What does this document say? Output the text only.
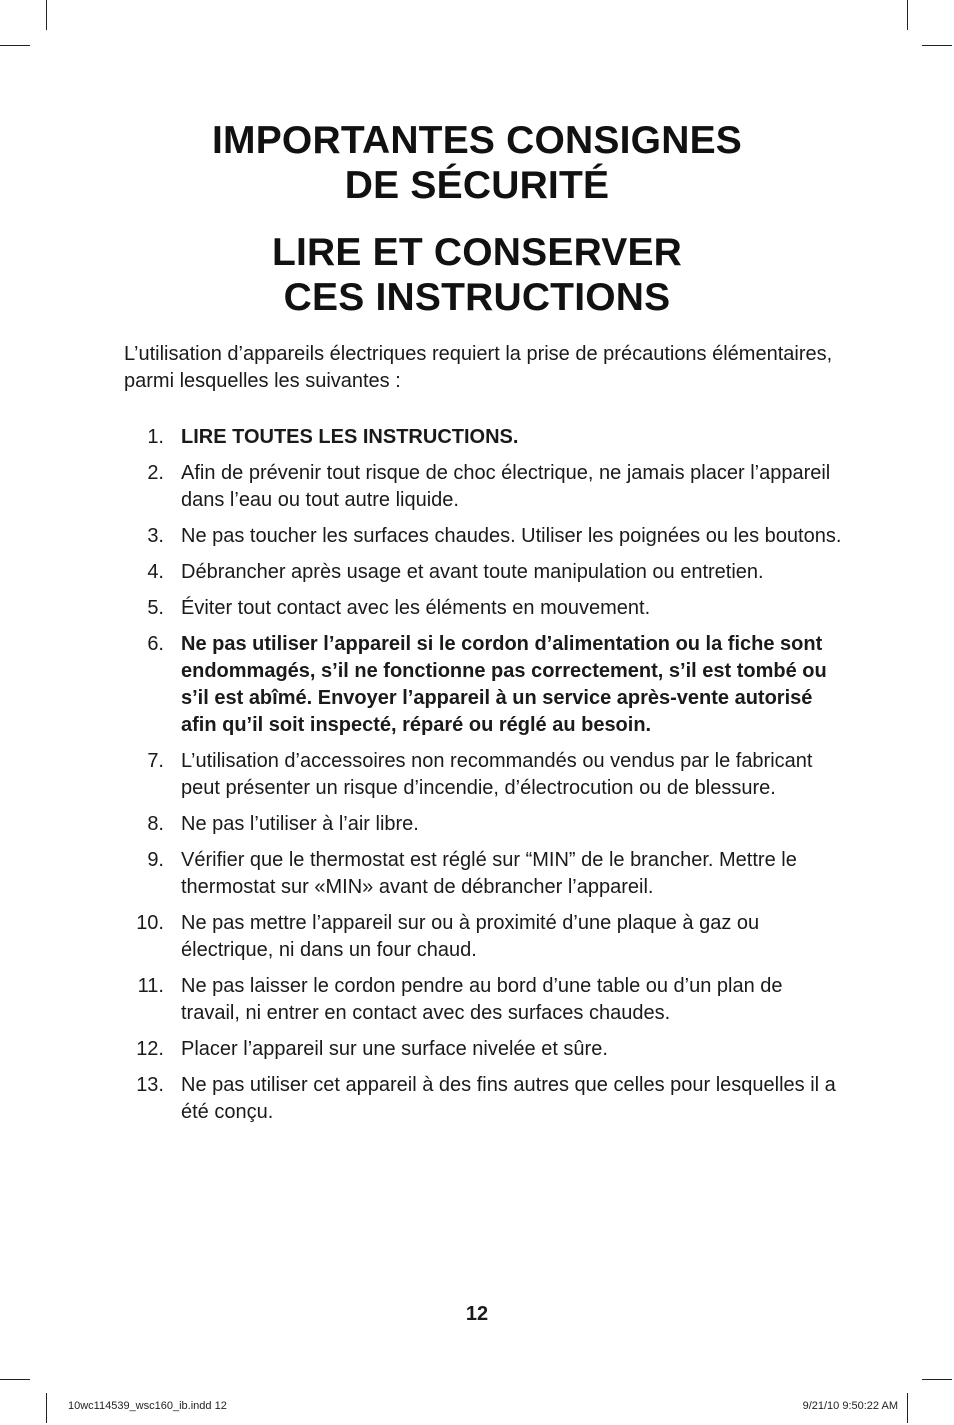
IMPORTANTES CONSIGNES
DE SÉCURITÉ
LIRE ET CONSERVER
CES INSTRUCTIONS
L’utilisation d’appareils électriques requiert la prise de précautions élémentaires, parmi lesquelles les suivantes :
1. LIRE TOUTES LES INSTRUCTIONS.
2. Afin de prévenir tout risque de choc électrique, ne jamais placer l’appareil dans l’eau ou tout autre liquide.
3. Ne pas toucher les surfaces chaudes. Utiliser les poignées ou les boutons.
4. Débrancher après usage et avant toute manipulation ou entretien.
5. Éviter tout contact avec les éléments en mouvement.
6. Ne pas utiliser l’appareil si le cordon d’alimentation ou la fiche sont endommagés, s’il ne fonctionne pas correctement, s’il est tombé ou s’il est abîmé. Envoyer l’appareil à un service après-vente autorisé afin qu’il soit inspecté, réparé ou réglé au besoin.
7. L’utilisation d’accessoires non recommandés ou vendus par le fabricant peut présenter un risque d’incendie, d’électrocution ou de blessure.
8. Ne pas l’utiliser à l’air libre.
9. Vérifier que le thermostat est réglé sur “MIN” de le brancher. Mettre le thermostat sur «MIN» avant de débrancher l’appareil.
10. Ne pas mettre l’appareil sur ou à proximité d’une plaque à gaz ou électrique, ni dans un four chaud.
11. Ne pas laisser le cordon pendre au bord d’une table ou d’un plan de travail, ni entrer en contact avec des surfaces chaudes.
12. Placer l’appareil sur une surface nivelée et sûre.
13. Ne pas utiliser cet appareil à des fins autres que celles pour lesquelles il a été conçu.
12
10wc114539_wsc160_ib.indd 12	9/21/10 9:50:22 AM
